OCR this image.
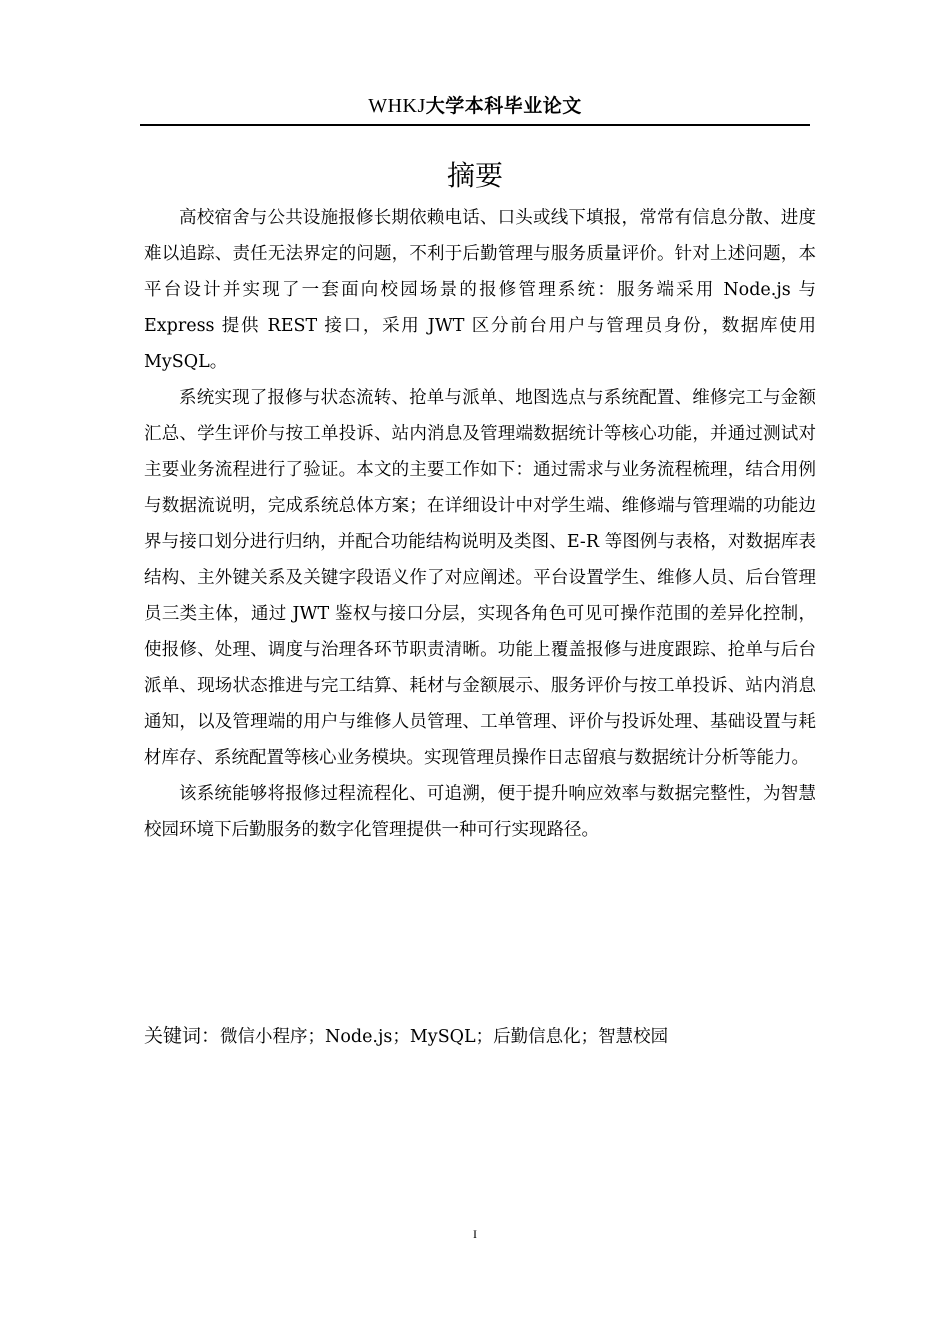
WHKJ大学本科毕业论文
摘要

高校宿舍与公共设施报修长期依赖电话、口头或线下填报，常常有信息分散、进度难以追踪、责任无法界定的问题，不利于后勤管理与服务质量评价。针对上述问题，本平台设计并实现了一套面向校园场景的报修管理系统：服务端采用 Node.js 与 Express 提供 REST 接口，采用 JWT 区分前台用户与管理员身份，数据库使用 MySQL。

系统实现了报修与状态流转、抢单与派单、地图选点与系统配置、维修完工与金额汇总、学生评价与按工单投诉、站内消息及管理端数据统计等核心功能，并通过测试对主要业务流程进行了验证。本文的主要工作如下：通过需求与业务流程梳理，结合用例与数据流说明，完成系统总体方案；在详细设计中对学生端、维修端与管理端的功能边界与接口划分进行归纳，并配合功能结构说明及类图、E-R 等图例与表格，对数据库表结构、主外键关系及关键字段语义作了对应阐述。平台设置学生、维修人员、后台管理员三类主体，通过 JWT 鉴权与接口分层，实现各角色可见可操作范围的差异化控制，使报修、处理、调度与治理各环节职责清晰。功能上覆盖报修与进度跟踪、抢单与后台派单、现场状态推进与完工结算、耗材与金额展示、服务评价与按工单投诉、站内消息通知，以及管理端的用户与维修人员管理、工单管理、评价与投诉处理、基础设置与耗材库存、系统配置等核心业务模块。实现管理员操作日志留痕与数据统计分析等能力。

该系统能够将报修过程流程化、可追溯，便于提升响应效率与数据完整性，为智慧校园环境下后勤服务的数字化管理提供一种可行实现路径。

关键词：微信小程序；Node.js；MySQL；后勤信息化；智慧校园
I
